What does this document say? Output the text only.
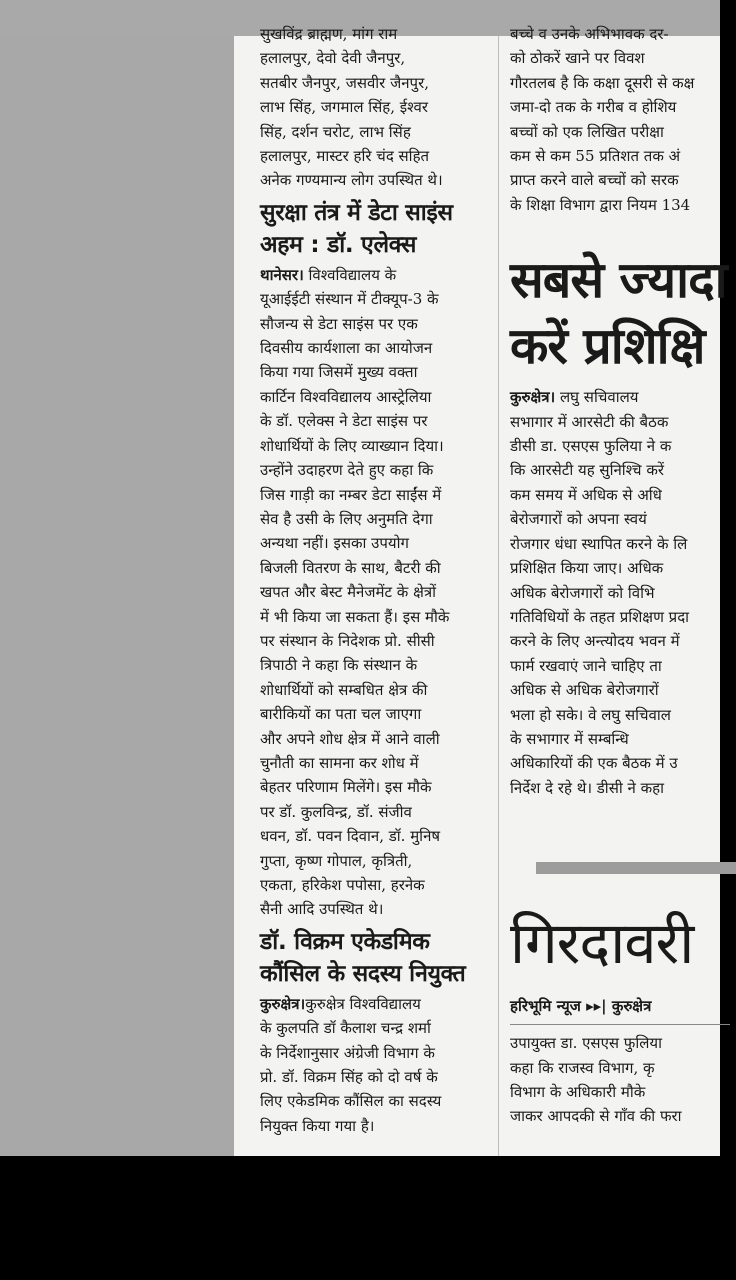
सुखविंद्र ब्राह्मण, मांग राम

हलालपुर, देवो देवी जैनपुर,

सतबीर जैनपुर, जसवीर जैनपुर,

लाभ सिंह, जगमाल सिंह, ईश्वर

सिंह, दर्शन चरोट, लाभ सिंह

हलालपुर, मास्टर हरि चंद सहित

अनेक गण्यमान्य लोग उपस्थित थे।

सुरक्षा तंत्र में डेटा साइंस
अहम : डॉ. एलेक्स

थानेसर। विश्वविद्यालय के

यूआईईटी संस्थान में टीक्यूप-3 के

सौजन्य से डेटा साइंस पर एक

दिवसीय कार्यशाला का आयोजन

किया गया जिसमें मुख्य वक्ता

कार्टिन विश्वविद्यालय आस्ट्रेलिया

के डॉ. एलेक्स ने डेटा साइंस पर

शोधार्थियों के लिए व्याख्यान दिया।

उन्होंने उदाहरण देते हुए कहा कि

जिस गाड़ी का नम्बर डेटा साईंस में

सेव है उसी के लिए अनुमति देगा

अन्यथा नहीं। इसका उपयोग

बिजली वितरण के साथ, बैटरी की

खपत और बेस्ट मैनेजमेंट के क्षेत्रों

में भी किया जा सकता हैं। इस मौके

पर संस्थान के निदेशक प्रो. सीसी

त्रिपाठी ने कहा कि संस्थान के

शोधार्थियों को सम्बधित क्षेत्र की

बारीकियों का पता चल जाएगा

और अपने शोध क्षेत्र में आने वाली

चुनौती का सामना कर शोध में

बेहतर परिणाम मिलेंगे। इस मौके

पर डॉ. कुलविन्द्र, डॉ. संजीव

धवन, डॉ. पवन दिवान, डॉ. मुनिष

गुप्ता, कृष्ण गोपाल, कृत्रिती,

एकता, हरिकेश पपोसा, हरनेक

सैनी आदि उपस्थित थे।

डॉ. विक्रम एकेडमिक
कौंसिल के सदस्य नियुक्त

कुरुक्षेत्र।कुरुक्षेत्र विश्वविद्यालय

के कुलपति डॉ कैलाश चन्द्र शर्मा

के निर्देशानुसार अंग्रेजी विभाग के

प्रो. डॉ. विक्रम सिंह को दो वर्ष के

लिए एकेडमिक कौंसिल का सदस्य

नियुक्त किया गया है।

बच्चे व उनके अभिभावक दर-

को ठोकरें खाने पर विवश

गौरतलब है कि कक्षा दूसरी से कक्ष

जमा-दो तक के गरीब व होशिय

बच्चों को एक लिखित परीक्षा

कम से कम 55 प्रतिशत तक अं

प्राप्त करने वाले बच्चों को सरक

के शिक्षा विभाग द्वारा नियम 134

सबसे ज्यादा
करें प्रशिक्षि

कुरुक्षेत्र। लघु सचिवालय

सभागार में आरसेटी की बैठक

डीसी डा. एसएस फुलिया ने क

कि आरसेटी यह सुनिश्चि करें

कम समय में अधिक से अधि

बेरोजगारों को अपना स्वयं

रोजगार धंधा स्थापित करने के लि

प्रशिक्षित किया जाए। अधिक

अधिक बेरोजगारों को विभि

गतिविधियों के तहत प्रशिक्षण प्रदा

करने के लिए अन्त्योदय भवन में

फार्म रखवाएं जाने चाहिए ता

अधिक से अधिक बेरोजगारों

भला हो सके। वे लघु सचिवाल

के सभागार में सम्बन्धि

अधिकारियों की एक बैठक में उ

निर्देश दे रहे थे। डीसी ने कहा

गिरदावरी
हरिभूमि न्यूज ▸▸| कुरुक्षेत्र

उपायुक्त डा. एसएस फुलिया

कहा कि राजस्व विभाग, कृ

विभाग के अधिकारी मौके

जाकर आपदकी से गाँव की फरा
